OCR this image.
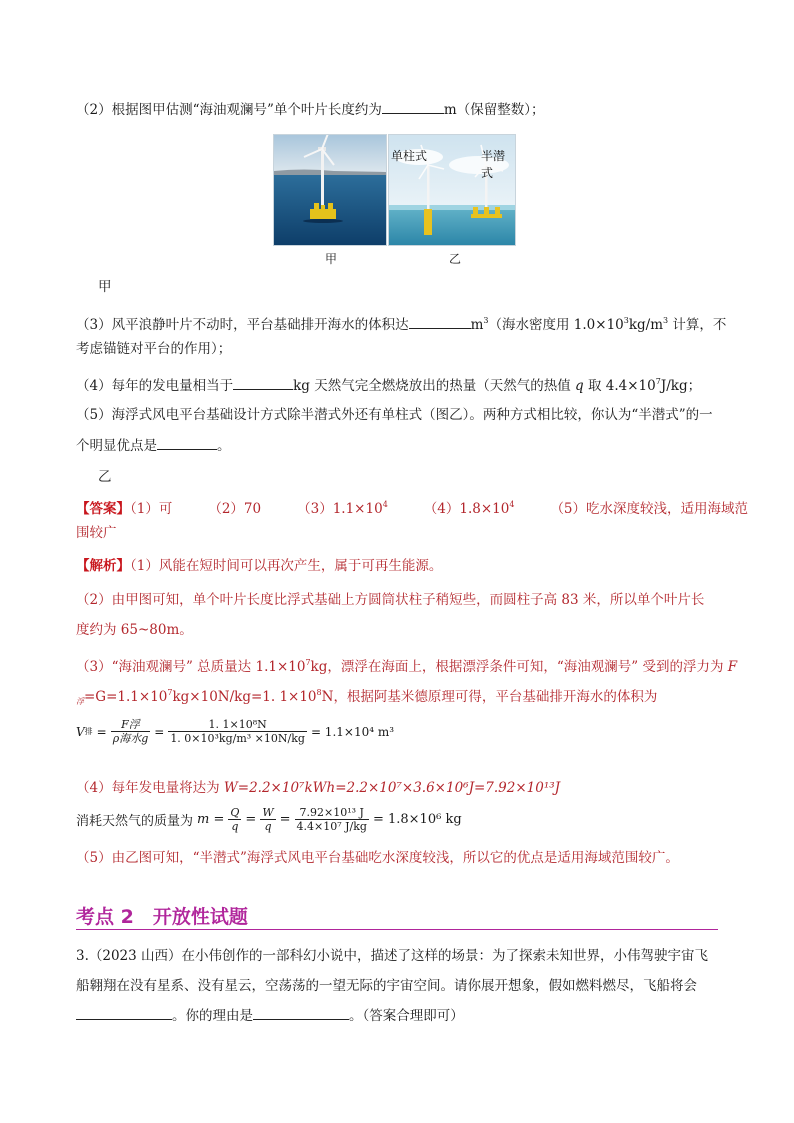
（2）根据图甲估测“海油观澜号”单个叶片长度约为	m（保留整数）；
单柱式	半潜式
甲	乙
甲
（3）风平浪静叶片不动时，平台基础排开海水的体积达	$m^3$（海水密度用 $1.0\times 10^3kg/m^3$ 计算，不
考虑锚链对平台的作用）；
（4）每年的发电量相当于	kg 天然气完全燃烧放出的热量（天然气的热值 q 取 $4.4\times 10^7J/kg$；
（5）海浮式风电平台基础设计方式除半潜式外还有单柱式（图乙）。两种方式相比较，你认为“半潜式”的一
个明显优点是	。
乙
【答案】（1）可	（2）70	$(3)1.1\times 10^4$	$(4)1.8\times 10^4$	（5）吃水深度较浅，适用海域范
围较广
【解析】（1）风能在短时间可以再次产生，属于可再生能源。
（2）由甲图可知，单个叶片长度比浮式基础上方圆筒状柱子稍短些，而圆柱子高 83 米，所以单个叶片长
度约为 65~80m。
（3）“海油观澜号” 总质量达 $1.1\times 10^7kg$，漂浮在海面上，根据漂浮条件可知，“海油观澜号” 受到的浮力为 F
$_浮=G=1.1\times 10^7kg\times 10N/kg=1$. $1\times 10^8N$，根据阿基米德原理可得，平台基础排开海水的体积为
V 排 = $\frac{\text{F浮}}{\text{ρ海水g}} = \frac{\text{1. 1×10⁸N}}{\text{1. 0×10³kg/m³ ×10N/kg}} = 1.1\times 10^4$ m³
（4）每年发电量将达为 W=2.2×10⁷kWh=2.2×10⁷×3.6×10⁶J=7.92×10¹³J
消耗天然气的质量为 $m = \frac{Q}{q} = \frac{W}{q} = \frac{\text{7.92×10¹³ J}}{\text{4.4×10⁷ J/kg}} = 1.8\times 10^6$ kg
（5）由乙图可知，“半潜式”海浮式风电平台基础吃水深度较浅，所以它的优点是适用海域范围较广。
考点 2　开放性试题
3.（2023 山西）在小伟创作的一部科幻小说中，描述了这样的场景：为了探索未知世界，小伟驾驶宇宙飞
船翱翔在没有星系、没有星云，空荡荡的一望无际的宇宙空间。请你展开想象，假如燃料燃尽，飞船将会
。你的理由是	。（答案合理即可）
